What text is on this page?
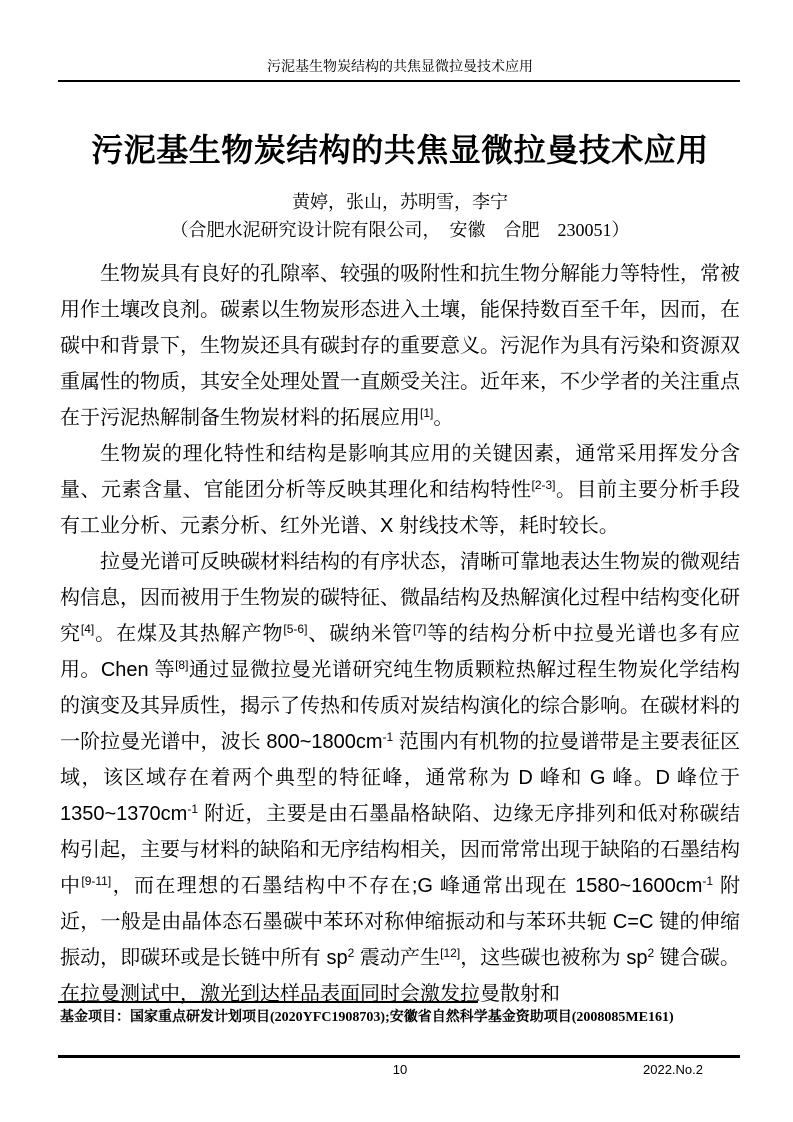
污泥基生物炭结构的共焦显微拉曼技术应用
污泥基生物炭结构的共焦显微拉曼技术应用
黄婷，张山，苏明雪，李宁
（合肥水泥研究设计院有限公司，　安徽　合肥　230051）

生物炭具有良好的孔隙率、较强的吸附性和抗生物分解能力等特性，常被用作土壤改良剂。碳素以生物炭形态进入土壤，能保持数百至千年，因而，在碳中和背景下，生物炭还具有碳封存的重要意义。污泥作为具有污染和资源双重属性的物质，其安全处理处置一直颇受关注。近年来，不少学者的关注重点在于污泥热解制备生物炭材料的拓展应用[1]。

生物炭的理化特性和结构是影响其应用的关键因素，通常采用挥发分含量、元素含量、官能团分析等反映其理化和结构特性[2-3]。目前主要分析手段有工业分析、元素分析、红外光谱、X 射线技术等，耗时较长。

拉曼光谱可反映碳材料结构的有序状态，清晰可靠地表达生物炭的微观结构信息，因而被用于生物炭的碳特征、微晶结构及热解演化过程中结构变化研究[4]。在煤及其热解产物[5-6]、碳纳米管[7]等的结构分析中拉曼光谱也多有应用。Chen 等[8]通过显微拉曼光谱研究纯生物质颗粒热解过程生物炭化学结构的演变及其异质性，揭示了传热和传质对炭结构演化的综合影响。在碳材料的一阶拉曼光谱中，波长 $800\sim 1800cm^{-1}$ 范围内有机物的拉曼谱带是主要表征区域，该区域存在着两个典型的特征峰，通常称为 D 峰和 G 峰。D 峰位于 $1350\sim 1370cm^{-1}$ 附近，主要是由石墨晶格缺陷、边缘无序排列和低对称碳结构引起，主要与材料的缺陷和无序结构相关，因而常常出现于缺陷的石墨结构中[9-11]，而在理想的石墨结构中不存在;G 峰通常出现在 $1580\sim 1600cm^{-1}$ 附近，一般是由晶体态石墨碳中苯环对称伸缩振动和与苯环共轭 C=C 键的伸缩振动，即碳环或是长链中所有 $sp^2$ 震动产生[12]，这些碳也被称为 $sp^2$ 键合碳。在拉曼测试中，激光到达样品表面同时会激发拉曼散射和

基金项目：国家重点研发计划项目(2020YFC1908703);安徽省自然科学基金资助项目(2008085ME161)
10	2022.No.2
